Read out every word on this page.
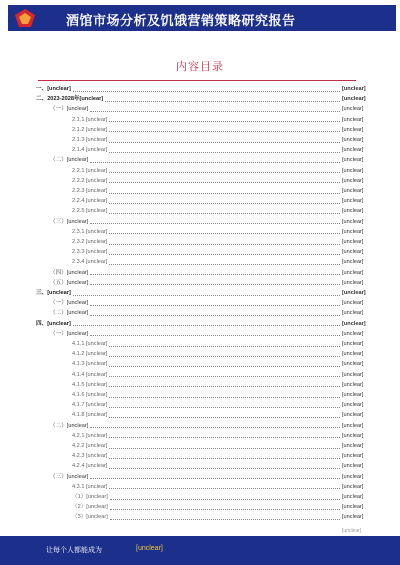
酒馆市场分析及饥饿营销策略研究报告
内容目录
一、[unclear]	[unclear]
二、2023-2028年[unclear]	[unclear]
（一）[unclear]	[unclear]
2.1.1 [unclear]	[unclear]
2.1.2 [unclear]	[unclear]
2.1.3 [unclear]	[unclear]
2.1.4 [unclear]	[unclear]
（二）[unclear]	[unclear]
2.2.1 [unclear]	[unclear]
2.2.2 [unclear]	[unclear]
2.2.3 [unclear]	[unclear]
2.2.4 [unclear]	[unclear]
2.2.5 [unclear]	[unclear]
（三）[unclear]	[unclear]
2.3.1 [unclear]	[unclear]
2.3.2 [unclear]	[unclear]
2.3.3 [unclear]	[unclear]
2.3.4 [unclear]	[unclear]
（四）[unclear]	[unclear]
（五）[unclear]	[unclear]
三、[unclear]	[unclear]
（一）[unclear]	[unclear]
（二）[unclear]	[unclear]
四、[unclear]	[unclear]
（一）[unclear]	[unclear]
4.1.1 [unclear]	[unclear]
4.1.2 [unclear]	[unclear]
4.1.3 [unclear]	[unclear]
4.1.4 [unclear]	[unclear]
4.1.5 [unclear]	[unclear]
4.1.6 [unclear]	[unclear]
4.1.7 [unclear]	[unclear]
4.1.8 [unclear]	[unclear]
（二）[unclear]	[unclear]
4.2.1 [unclear]	[unclear]
4.2.2 [unclear]	[unclear]
4.2.3 [unclear]	[unclear]
4.2.4 [unclear]	[unclear]
（三）[unclear]	[unclear]
4.3.1 [unclear]	[unclear]
（1）[unclear]	[unclear]
（2）[unclear]	[unclear]
（3）[unclear]	[unclear]
[unclear]
让每个人都能成为	[unclear]
